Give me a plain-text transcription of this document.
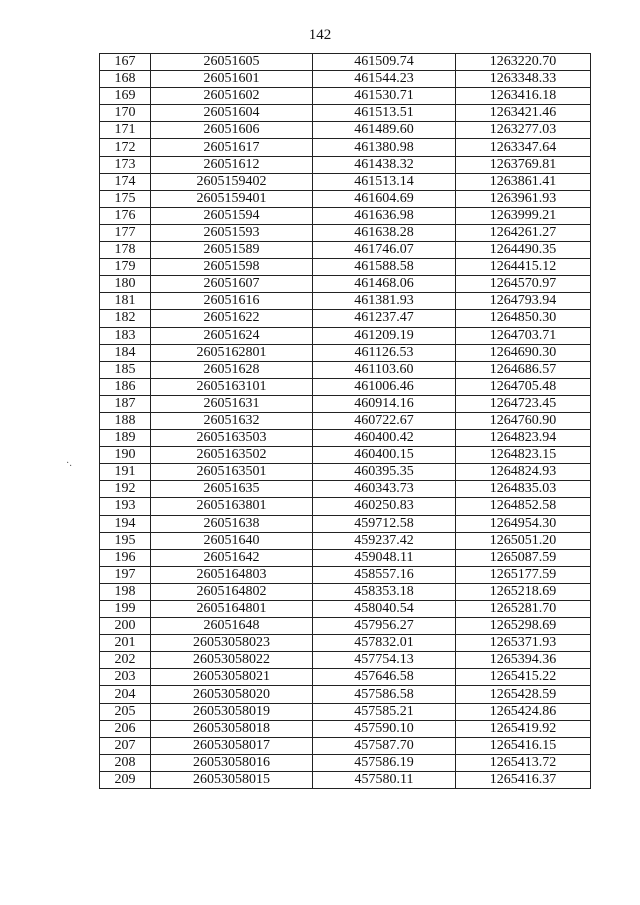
142
·.
167	26051605	461509.74	1263220.70
168	26051601	461544.23	1263348.33
169	26051602	461530.71	1263416.18
170	26051604	461513.51	1263421.46
171	26051606	461489.60	1263277.03
172	26051617	461380.98	1263347.64
173	26051612	461438.32	1263769.81
174	2605159402	461513.14	1263861.41
175	2605159401	461604.69	1263961.93
176	26051594	461636.98	1263999.21
177	26051593	461638.28	1264261.27
178	26051589	461746.07	1264490.35
179	26051598	461588.58	1264415.12
180	26051607	461468.06	1264570.97
181	26051616	461381.93	1264793.94
182	26051622	461237.47	1264850.30
183	26051624	461209.19	1264703.71
184	2605162801	461126.53	1264690.30
185	26051628	461103.60	1264686.57
186	2605163101	461006.46	1264705.48
187	26051631	460914.16	1264723.45
188	26051632	460722.67	1264760.90
189	2605163503	460400.42	1264823.94
190	2605163502	460400.15	1264823.15
191	2605163501	460395.35	1264824.93
192	26051635	460343.73	1264835.03
193	2605163801	460250.83	1264852.58
194	26051638	459712.58	1264954.30
195	26051640	459237.42	1265051.20
196	26051642	459048.11	1265087.59
197	2605164803	458557.16	1265177.59
198	2605164802	458353.18	1265218.69
199	2605164801	458040.54	1265281.70
200	26051648	457956.27	1265298.69
201	26053058023	457832.01	1265371.93
202	26053058022	457754.13	1265394.36
203	26053058021	457646.58	1265415.22
204	26053058020	457586.58	1265428.59
205	26053058019	457585.21	1265424.86
206	26053058018	457590.10	1265419.92
207	26053058017	457587.70	1265416.15
208	26053058016	457586.19	1265413.72
209	26053058015	457580.11	1265416.37
